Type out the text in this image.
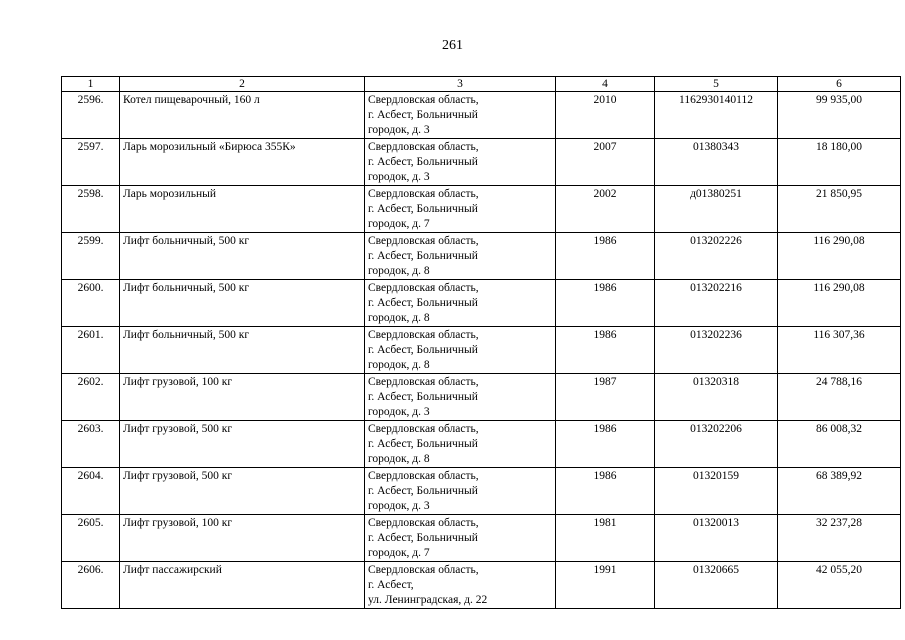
261
1	2	3	4	5	6
2596.	Котел пищеварочный, 160 л	Свердловская область,
г. Асбест, Больничный
городок, д. 3	2010	1162930140112	99 935,00
2597.	Ларь морозильный «Бирюса 355К»	Свердловская область,
г. Асбест, Больничный
городок, д. 3	2007	01380343	18 180,00
2598.	Ларь морозильный	Свердловская область,
г. Асбест, Больничный
городок, д. 7	2002	д01380251	21 850,95
2599.	Лифт больничный, 500 кг	Свердловская область,
г. Асбест, Больничный
городок, д. 8	1986	013202226	116 290,08
2600.	Лифт больничный, 500 кг	Свердловская область,
г. Асбест, Больничный
городок, д. 8	1986	013202216	116 290,08
2601.	Лифт больничный, 500 кг	Свердловская область,
г. Асбест, Больничный
городок, д. 8	1986	013202236	116 307,36
2602.	Лифт грузовой, 100 кг	Свердловская область,
г. Асбест, Больничный
городок, д. 3	1987	01320318	24 788,16
2603.	Лифт грузовой, 500 кг	Свердловская область,
г. Асбест, Больничный
городок, д. 8	1986	013202206	86 008,32
2604.	Лифт грузовой, 500 кг	Свердловская область,
г. Асбест, Больничный
городок, д. 3	1986	01320159	68 389,92
2605.	Лифт грузовой, 100 кг	Свердловская область,
г. Асбест, Больничный
городок, д. 7	1981	01320013	32 237,28
2606.	Лифт пассажирский	Свердловская область,
г. Асбест,
ул. Ленинградская, д. 22	1991	01320665	42 055,20
